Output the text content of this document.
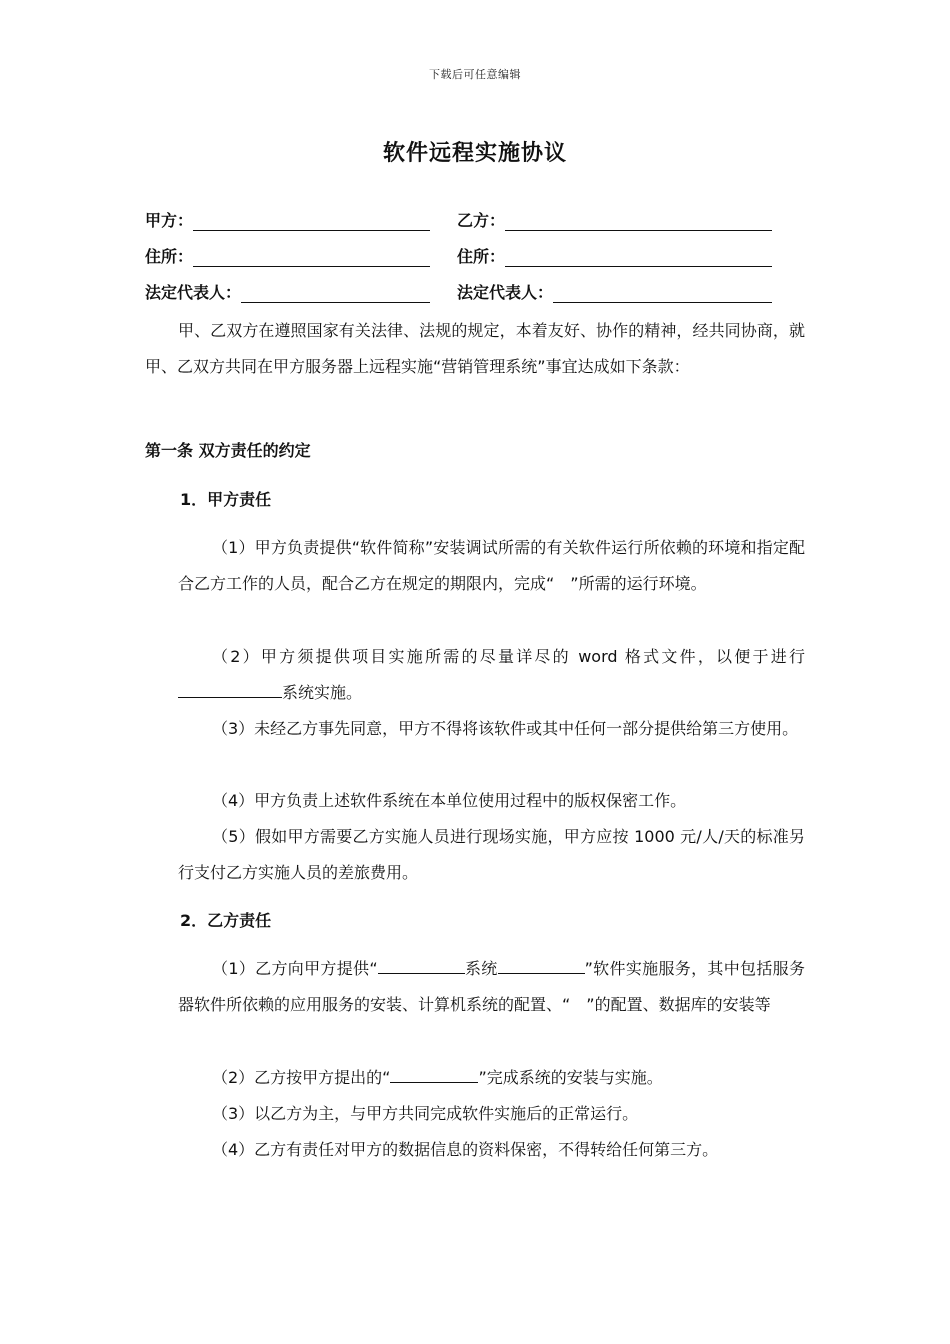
下载后可任意编辑
软件远程实施协议
甲方：	乙方：
住所：	住所：
法定代表人：	法定代表人：
甲、乙双方在遵照国家有关法律、法规的规定，本着友好、协作的精神，经共同协商，就甲、乙双方共同在甲方服务器上远程实施“营销管理系统”事宜达成如下条款：
第一条 双方责任的约定
1．甲方责任
（1）甲方负责提供“软件简称”安装调试所需的有关软件运行所依赖的环境和指定配合乙方工作的人员，配合乙方在规定的期限内，完成“　”所需的运行环境。
（2）甲方须提供项目实施所需的尽量详尽的 word 格式文件，以便于进行系统实施。
（3）未经乙方事先同意，甲方不得将该软件或其中任何一部分提供给第三方使用。
（4）甲方负责上述软件系统在本单位使用过程中的版权保密工作。
（5）假如甲方需要乙方实施人员进行现场实施，甲方应按 1000 元/人/天的标准另行支付乙方实施人员的差旅费用。
2．乙方责任
（1）乙方向甲方提供“	系统	”软件实施服务，其中包括服务器软件所依赖的应用服务的安装、计算机系统的配置、“　”的配置、数据库的安装等
（2）乙方按甲方提出的“	”完成系统的安装与实施。
（3）以乙方为主，与甲方共同完成软件实施后的正常运行。
（4）乙方有责任对甲方的数据信息的资料保密，不得转给任何第三方。
